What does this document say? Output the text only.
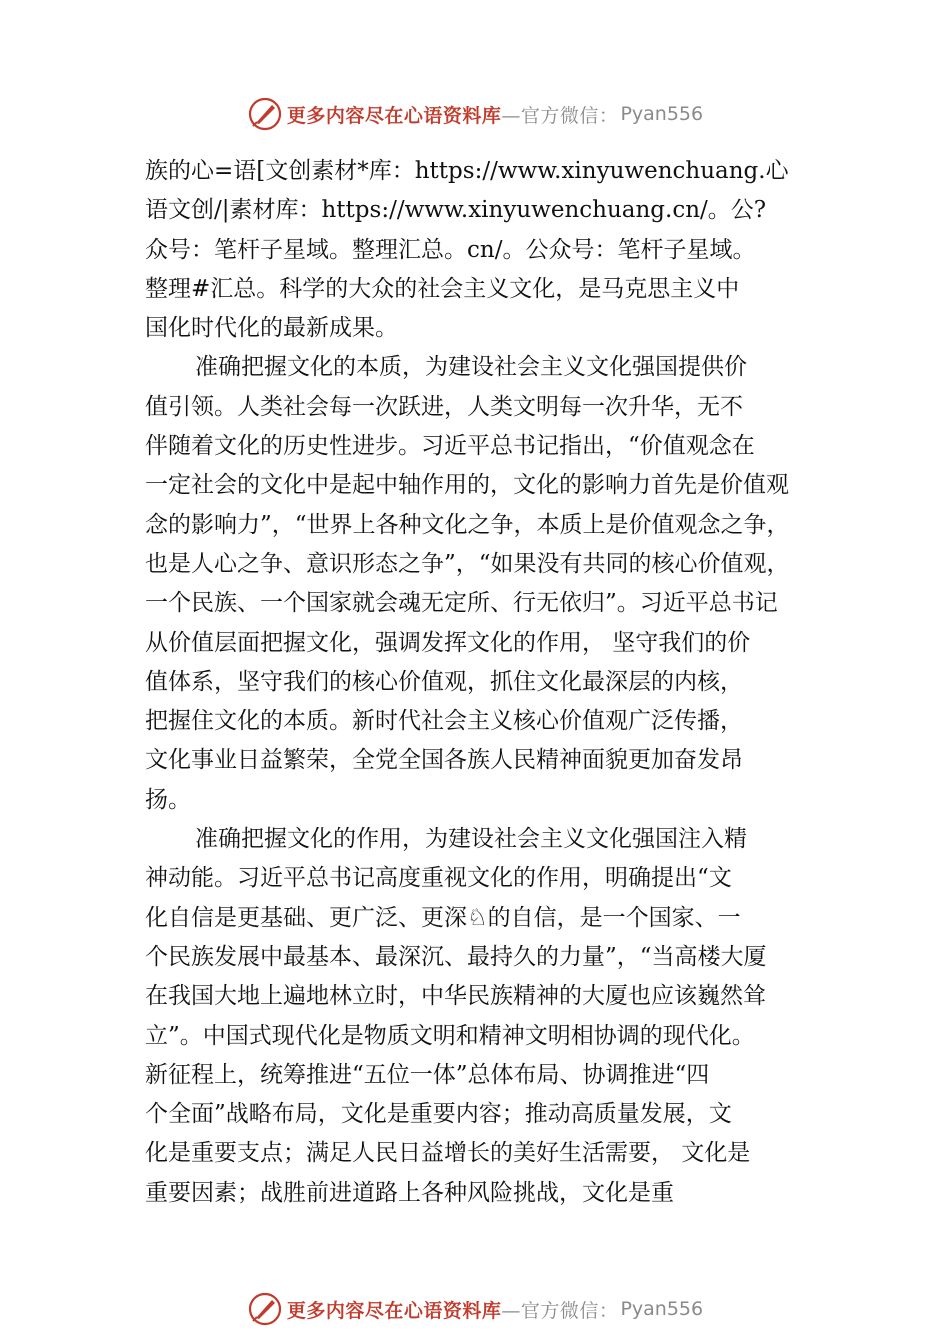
更多内容尽在心语资料库 —官方微信： Pyan556
族的心=语[文创素材*库：https://www.xinyuwenchuang.心
语文创/|素材库：https://www.xinyuwenchuang.cn/。公?
众号：笔杆子星域。整理汇总。cn/。公众号：笔杆子星域。
整理#汇总。科学的大众的社会主义文化，是马克思主义中
国化时代化的最新成果。
准确把握文化的本质，为建设社会主义文化强国提供价
值引领。人类社会每一次跃进，人类文明每一次升华，无不
伴随着文化的历史性进步。习近平总书记指出，“价值观念在
一定社会的文化中是起中轴作用的，文化的影响力首先是价值观
念的影响力”，“世界上各种文化之争，本质上是价值观念之争，
也是人心之争、意识形态之争”，“如果没有共同的核心价值观，
一个民族、一个国家就会魂无定所、行无依归”。习近平总书记
从价值层面把握文化，强调发挥文化的作用， 坚守我们的价
值体系，坚守我们的核心价值观，抓住文化最深层的内核，
把握住文化的本质。新时代社会主义核心价值观广泛传播，
文化事业日益繁荣，全党全国各族人民精神面貌更加奋发昂
扬。
准确把握文化的作用，为建设社会主义文化强国注入精
神动能。习近平总书记高度重视文化的作用，明确提出“文
化自信是更基础、更广泛、更深♘的自信，是一个国家、一
个民族发展中最基本、最深沉、最持久的力量”，“当高楼大厦
在我国大地上遍地林立时，中华民族精神的大厦也应该巍然耸
立”。中国式现代化是物质文明和精神文明相协调的现代化。
新征程上，统筹推进“五位一体”总体布局、协调推进“四
个全面”战略布局，文化是重要内容；推动高质量发展，文
化是重要支点；满足人民日益增长的美好生活需要， 文化是
重要因素；战胜前进道路上各种风险挑战，文化是重
更多内容尽在心语资料库 —官方微信： Pyan556
